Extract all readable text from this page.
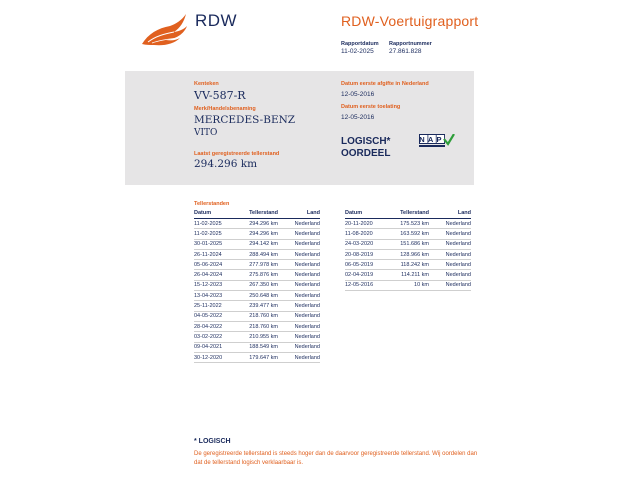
RDW	RDW-Voertuigrapport
Rapportdatum Rapportnummer
11-02-2025 27.861.828
Kenteken
VV-587-R
Merk/Handelsbenaming
MERCEDES-BENZ
VITO
Laatst geregistreerde tellerstand
294.296 km
Datum eerste afgifte in Nederland
12-05-2016
Datum eerste toelating
12-05-2016
LOGISCH*
OORDEEL
NAP
Tellerstanden
Datum	Tellerstand	Land
11-02-2025	294.296 km	Nederland
11-02-2025	294.296 km	Nederland
30-01-2025	294.142 km	Nederland
26-11-2024	288.494 km	Nederland
05-06-2024	277.978 km	Nederland
26-04-2024	275.876 km	Nederland
15-12-2023	267.350 km	Nederland
13-04-2023	250.648 km	Nederland
25-11-2022	239.477 km	Nederland
04-05-2022	218.760 km	Nederland
28-04-2022	218.760 km	Nederland
03-02-2022	210.955 km	Nederland
09-04-2021	188.549 km	Nederland
30-12-2020	179.647 km	Nederland
Datum	Tellerstand	Land
20-11-2020	175.523 km	Nederland
11-08-2020	163.592 km	Nederland
24-03-2020	151.686 km	Nederland
20-08-2019	128.966 km	Nederland
06-05-2019	118.242 km	Nederland
02-04-2019	114.211 km	Nederland
12-05-2016	10 km	Nederland
* LOGISCH
De geregistreerde tellerstand is steeds hoger dan de daarvoor geregistreerde tellerstand. Wij oordelen dan dat de tellerstand logisch verklaarbaar is.
